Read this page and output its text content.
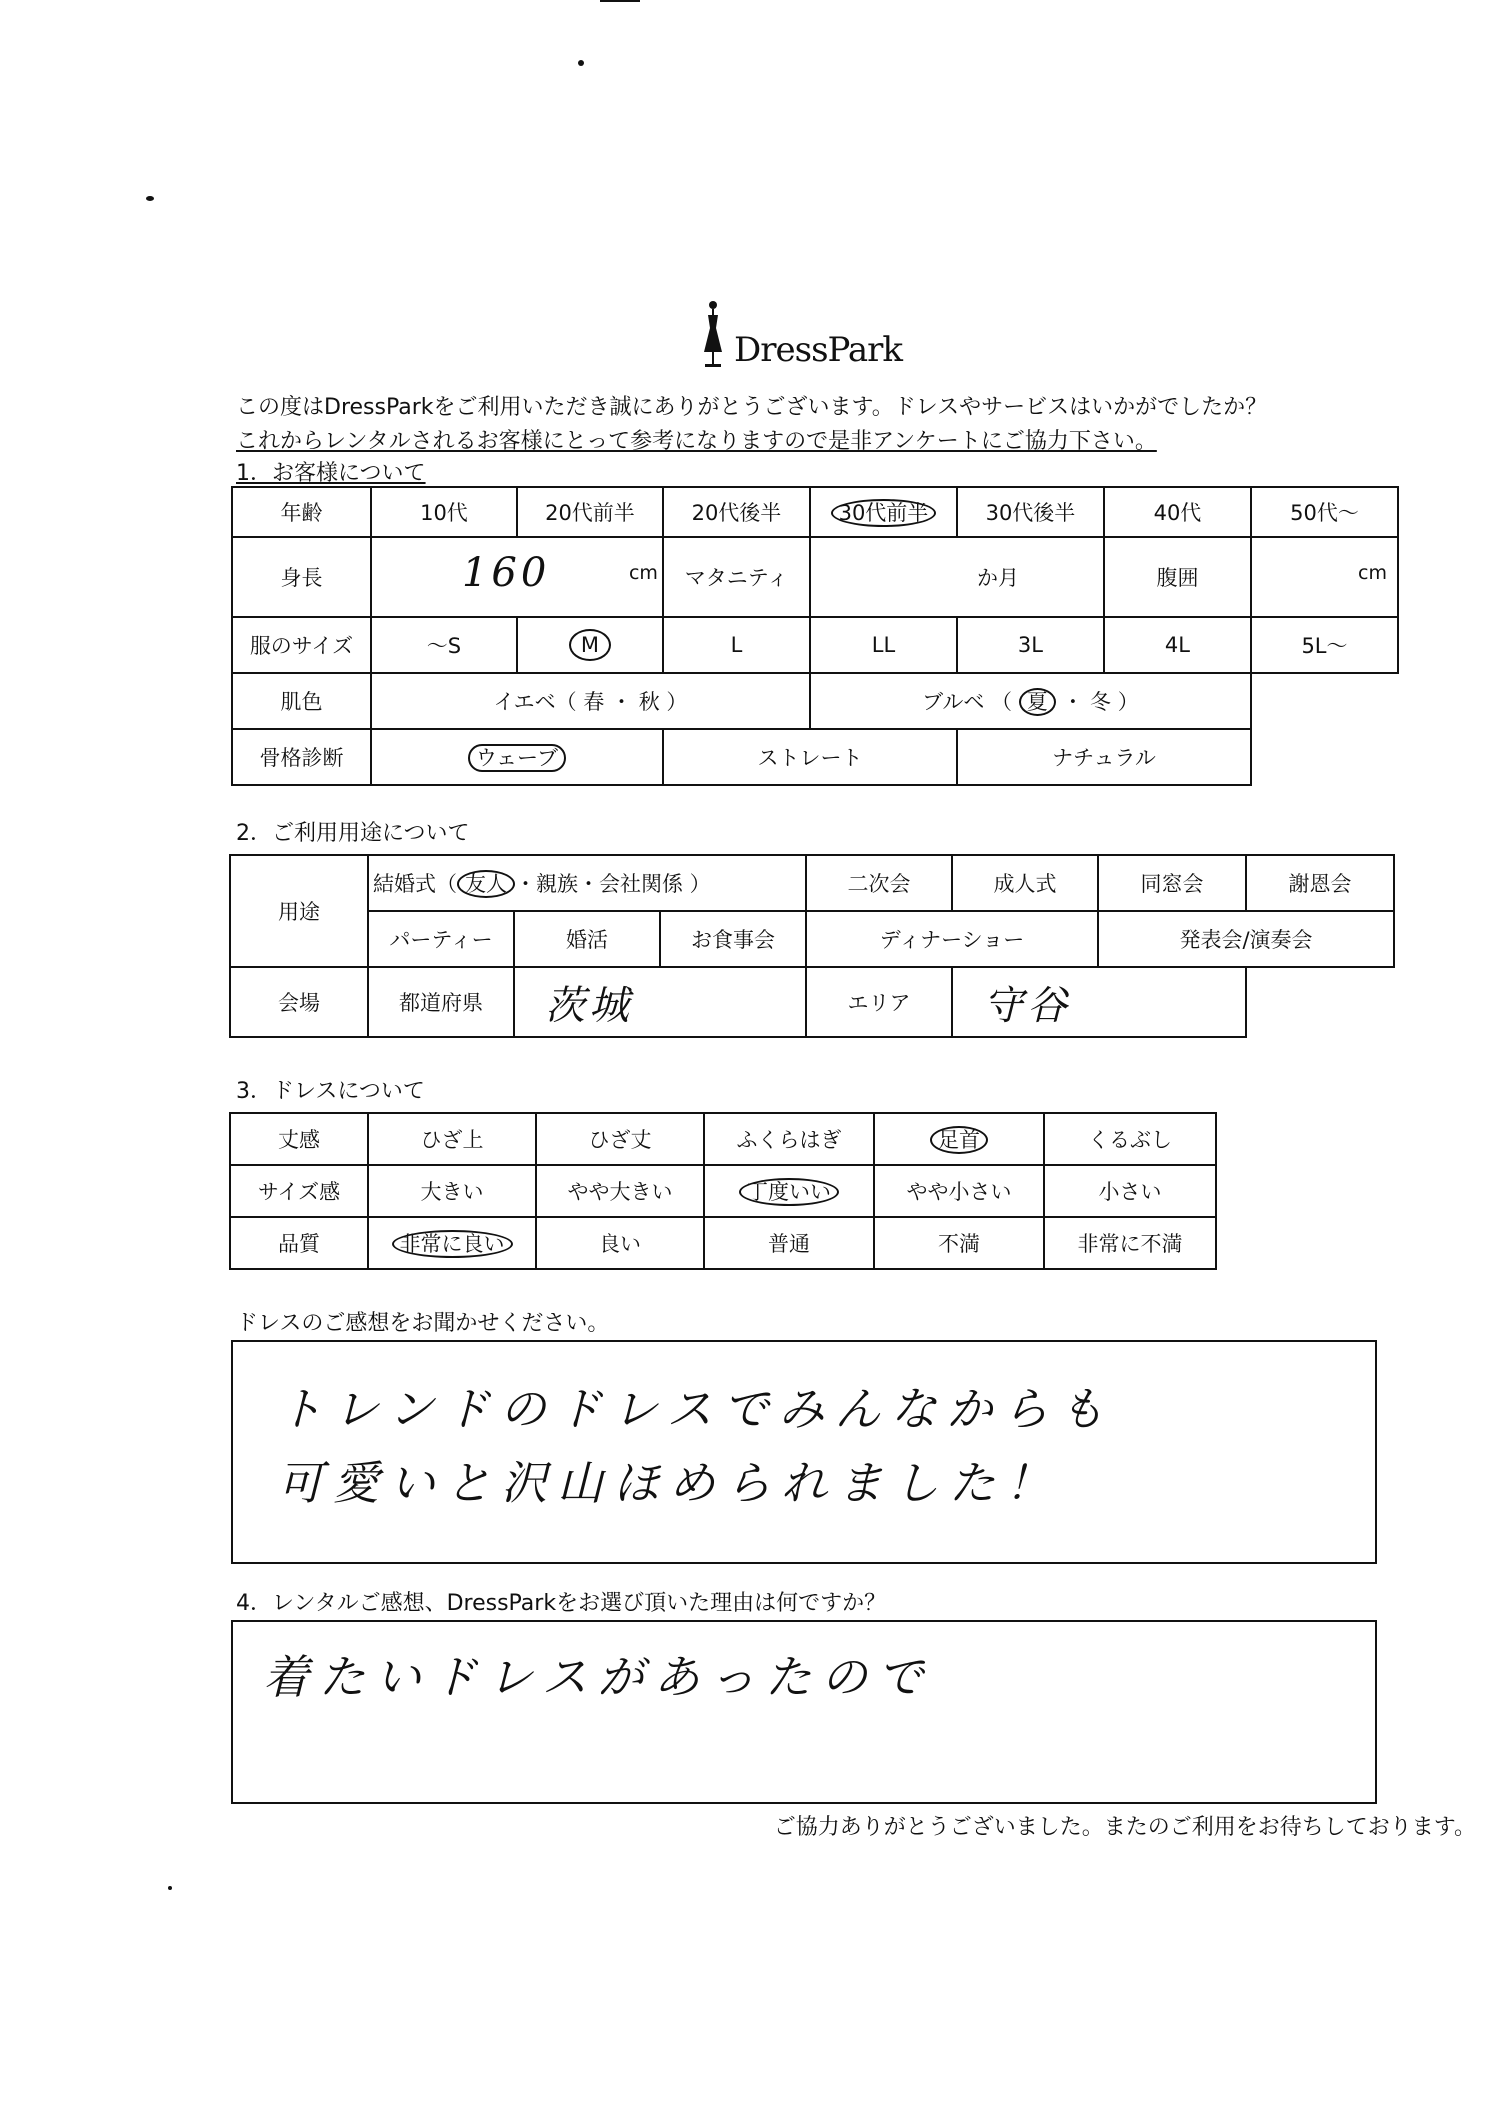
DressPark
この度はDressParkをご利用いただき誠にありがとうございます。ドレスやサービスはいかがでしたか？
これからレンタルされるお客様にとって参考になりますので是非アンケートにご協力下さい。
1．お客様について
年齢	10代	20代前半	20代後半	30代前半	30代後半	40代	50代～
身長	160 cm		マタニティ	か月		腹囲	cm

服のサイズ	～S	M	L	LL	3L	4L	5L～
肌色	イエベ（ 春 ・ 秋 ）			ブルベ （ 夏 ・ 冬 ）			
骨格診断	ウェーブ		ストレート		ナチュラル		
2．ご利用用途について
用途	結婚式（ 友人 ・親族・会社関係 ）			二次会	成人式	同窓会	謝恩会
	パーティー	婚活	お食事会	ディナーショー		発表会/演奏会	
会場	都道府県	茨城		エリア	守谷		
3．ドレスについて
丈感	ひざ上	ひざ丈	ふくらはぎ	足首	くるぶし
サイズ感	大きい	やや大きい	丁度いい	やや小さい	小さい
品質	非常に良い	良い	普通	不満	非常に不満
ドレスのご感想をお聞かせください。
トレンドのドレスでみんなからも
可愛いと沢山ほめられました！
4．レンタルご感想、DressParkをお選び頂いた理由は何ですか？
着たいドレスがあったので
ご協力ありがとうございました。またのご利用をお待ちしております。
